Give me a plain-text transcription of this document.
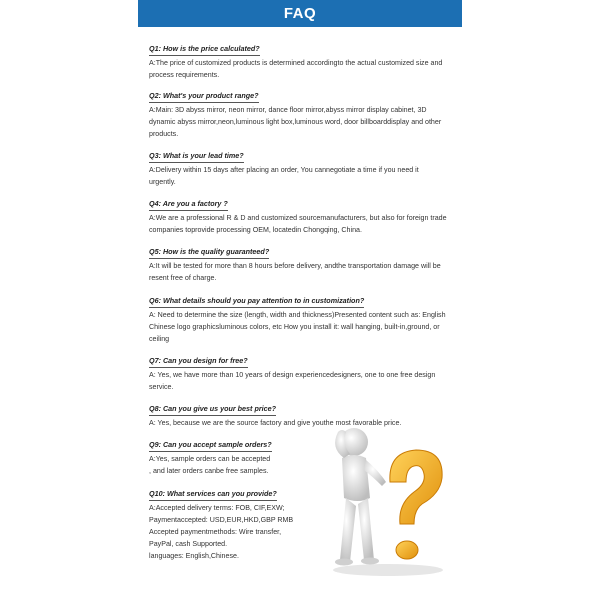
FAQ
Q1: How is the price calculated?
A:The price of customized products is determined accordingto the actual customized size and process requirements.
Q2: What's your product range?
A:Main: 3D abyss mirror, neon mirror, dance floor mirror,abyss mirror display cabinet, 3D dynamic abyss mirror,neon,luminous light box,luminous word, door billboarddisplay and other products.
Q3: What is your lead time?
A:Delivery within 15 days after placing an order, You cannegotiate a time if you need it urgently.
Q4: Are you a factory ?
A:We are a professional R & D and customized sourcemanufacturers, but also for foreign trade companies toprovide processing OEM, locatedin Chongqing, China.
Q5: How is the quality guaranteed?
A:It will be tested for more than 8 hours before delivery, andthe transportation damage will be resent free of charge.
Q6: What details should you pay attention to in customization?
A: Need to determine the size (length, width and thickness)Presented content such as: English Chinese logo graphicsluminous colors, etc How you install it: wall hanging, built-in,ground, or ceiling
Q7: Can you design for free?
A: Yes, we have more than 10 years of design experiencedesigners, one to one free design service.
Q8: Can you give us your best price?
A: Yes, because we are the source factory and give youthe most favorable price.
Q9: Can you accept sample orders?
A:Yes, sample orders can be accepted
, and later orders canbe free samples.
Q10: What services can you provide?
A:Accepted delivery terms: FOB, CIF,EXW;
Paymentaccepted: USD,EUR,HKD,GBP RMB
Accepted paymentmethods: Wire transfer,
PayPal, cash Supported.
languages: English,Chinese.
